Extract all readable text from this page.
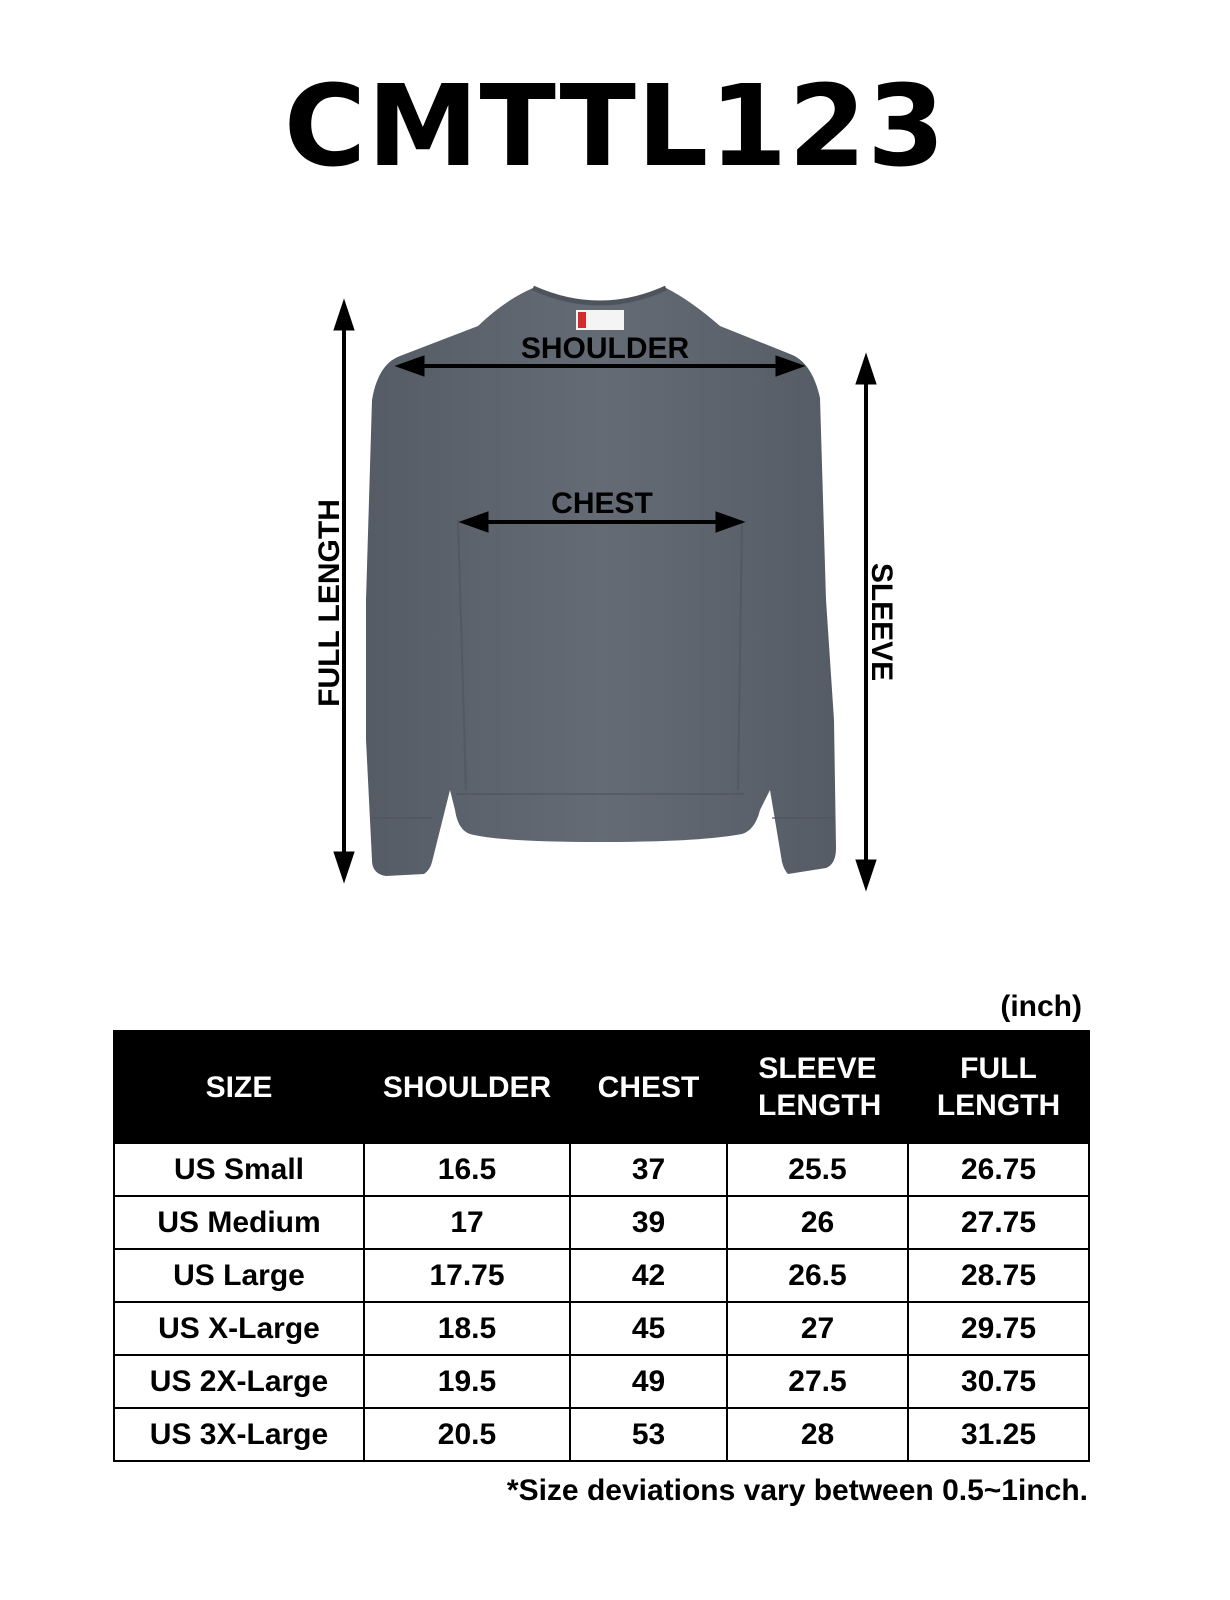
CMTTL123
SHOULDER
CHEST
FULL LENGTH	SLEEVE
(inch)
SIZE	SHOULDER	CHEST	SLEEVE LENGTH	FULL LENGTH
US Small	16.5	37	25.5	26.75
US Medium	17	39	26	27.75
US Large	17.75	42	26.5	28.75
US X-Large	18.5	45	27	29.75
US 2X-Large	19.5	49	27.5	30.75
US 3X-Large	20.5	53	28	31.25
*Size deviations vary between 0.5~1inch.
